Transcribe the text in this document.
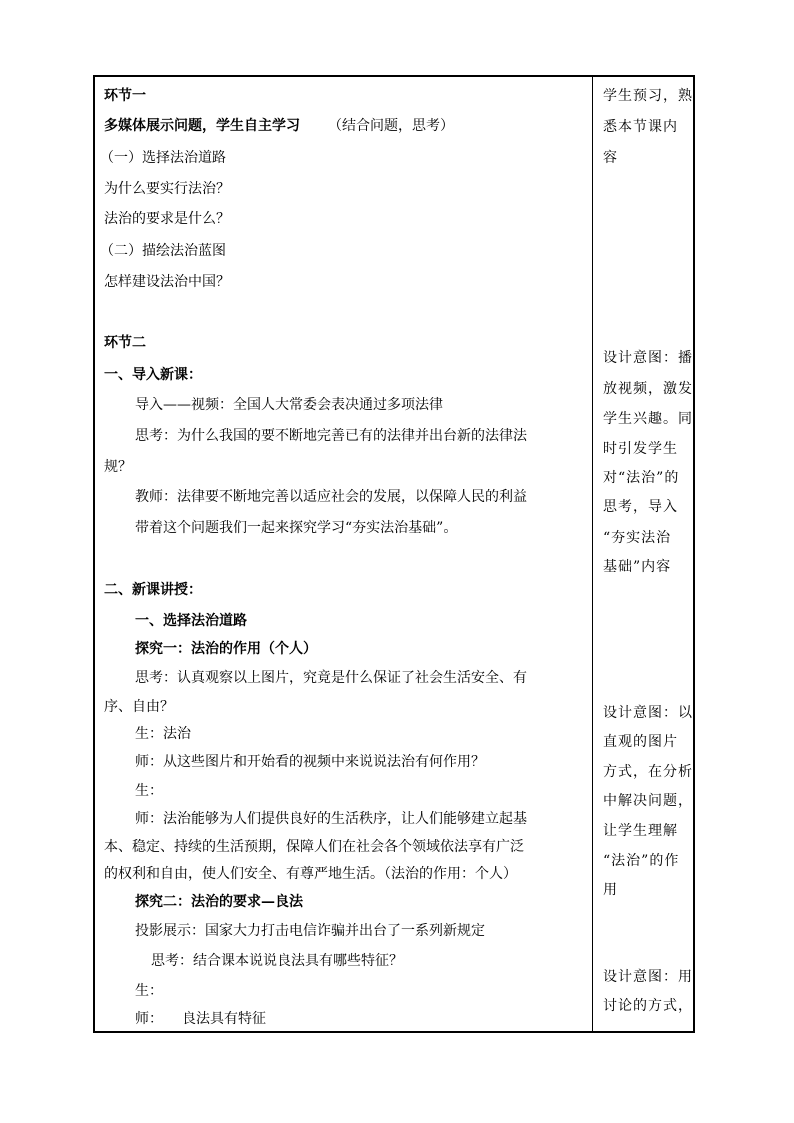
环节一
多媒体展示问题，学生自主学习 （结合问题，思考）
（一）选择法治道路
为什么要实行法治？
法治的要求是什么？
（二）描绘法治蓝图
怎样建设法治中国？
环节二
一、导入新课：
导入——视频：全国人大常委会表决通过多项法律
思考：为什么我国的要不断地完善已有的法律并出台新的法律法
规？
教师：法律要不断地完善以适应社会的发展，以保障人民的利益
带着这个问题我们一起来探究学习“夯实法治基础”。
二、新课讲授：
一、选择法治道路
探究一：法治的作用（个人）
思考：认真观察以上图片，究竟是什么保证了社会生活安全、有
序、自由？
生：法治
师：从这些图片和开始看的视频中来说说法治有何作用？
生：
师：法治能够为人们提供良好的生活秩序，让人们能够建立起基
本、稳定、持续的生活预期，保障人们在社会各个领域依法享有广泛
的权利和自由，使人们安全、有尊严地生活。（法治的作用：个人）
探究二：法治的要求—良法
投影展示：国家大力打击电信诈骗并出台了一系列新规定
思考：结合课本说说良法具有哪些特征？
生：
师： 良法具有特征
学生预习，熟
悉本节课内
容
设计意图：播
放视频，激发
学生兴趣。同
时引发学生
对“法治”的
思考，导入
“夯实法治
基础”内容
设计意图：以
直观的图片
方式，在分析
中解决问题，
让学生理解
“法治”的作
用
设计意图：用
讨论的方式，
